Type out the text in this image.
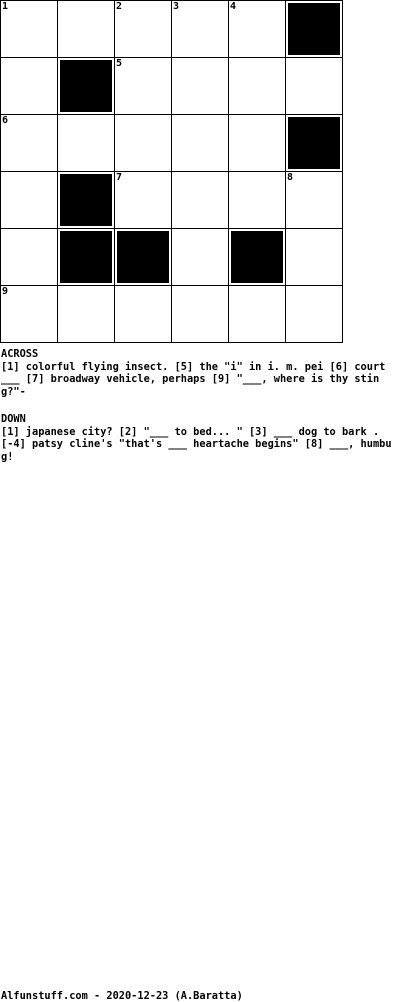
1	2	3	4
5
6
7	8
9
ACROSS
[1] colorful flying insect. [5] the "i" in i. m. pei [6] court ___ [7] broadway vehicle, perhaps [9] "___, where is thy sting?"-
DOWN
[1] japanese city? [2] "___ to bed... " [3] ___ dog to bark . [-4] patsy cline's "that's ___ heartache begins" [8] ___, humbug!
Alfunstuff.com - 2020-12-23 (A.Baratta)
